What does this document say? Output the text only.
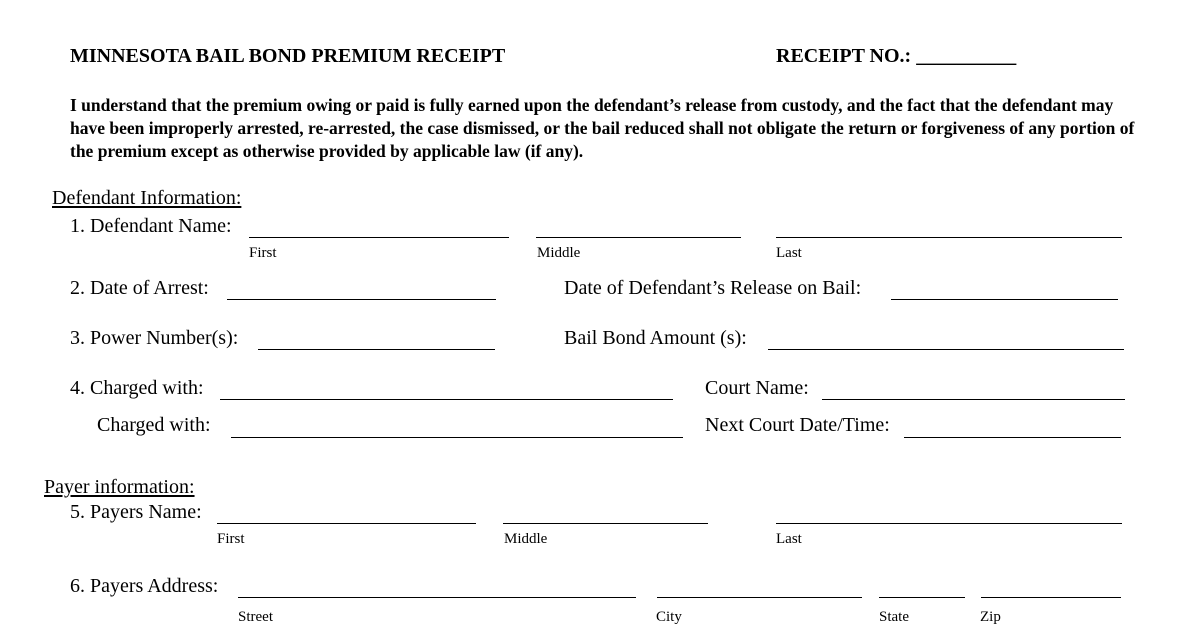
MINNESOTA BAIL BOND PREMIUM RECEIPT	RECEIPT NO.: __________
I understand that the premium owing or paid is fully earned upon the defendant’s release from custody, and the fact that the defendant may have been improperly arrested, re-arrested, the case dismissed, or the bail reduced shall not obligate the return or forgiveness of any portion of the premium except as otherwise provided by applicable law (if any).
Defendant Information:
1. Defendant Name:
First	Middle	Last
2. Date of Arrest:	Date of Defendant’s Release on Bail:
3. Power Number(s):	Bail Bond Amount (s):
4. Charged with:	Court Name:
Charged with:	Next Court Date/Time:
Payer information:
5. Payers Name:
First	Middle	Last
6. Payers Address:
Street	City	State	Zip
